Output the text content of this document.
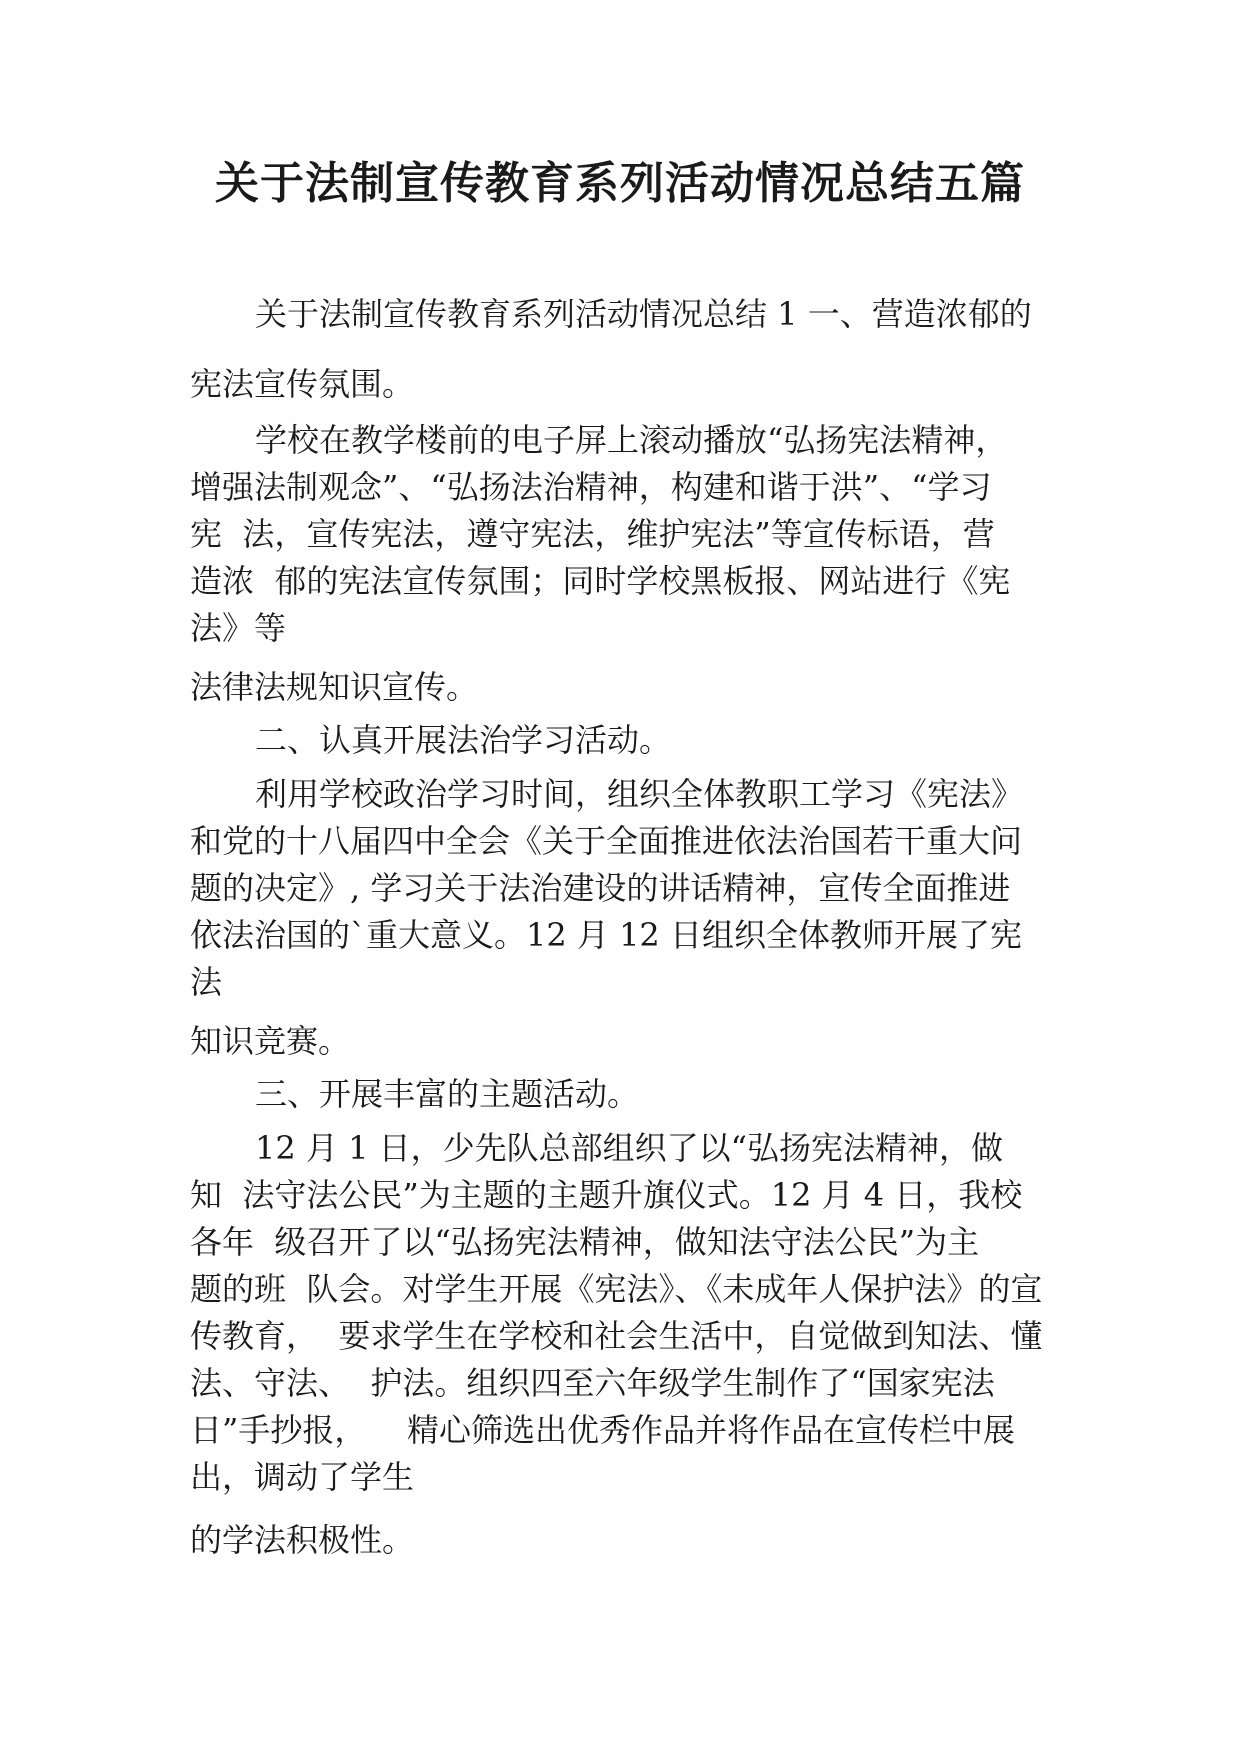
关于法制宣传教育系列活动情况总结五篇
关于法制宣传教育系列活动情况总结 1 一、营造浓郁的
宪法宣传氛围。
学校在教学楼前的电子屏上滚动播放“弘扬宪法精神，
增强法制观念”、“弘扬法治精神，构建和谐于洪”、“学习
宪  法，宣传宪法，遵守宪法，维护宪法”等宣传标语，营
造浓  郁的宪法宣传氛围；同时学校黑板报、网站进行《宪
法》等
法律法规知识宣传。
二、认真开展法治学习活动。
利用学校政治学习时间，组织全体教职工学习《宪法》
和党的十八届四中全会《关于全面推进依法治国若干重大问
题的决定》, 学习关于法治建设的讲话精神，宣传全面推进
依法治国的`重大意义。12 月 12 日组织全体教师开展了宪
法
知识竞赛。
三、开展丰富的主题活动。
12 月 1 日，少先队总部组织了以“弘扬宪法精神，做
知  法守法公民”为主题的主题升旗仪式。12 月 4 日，我校
各年  级召开了以“弘扬宪法精神，做知法守法公民”为主
题的班  队会。对学生开展《宪法》、《未成年人保护法》的宣
传教育，  要求学生在学校和社会生活中，自觉做到知法、懂
法、守法、  护法。组织四至六年级学生制作了“国家宪法
日”手抄报，    精心筛选出优秀作品并将作品在宣传栏中展
出，调动了学生
的学法积极性。
